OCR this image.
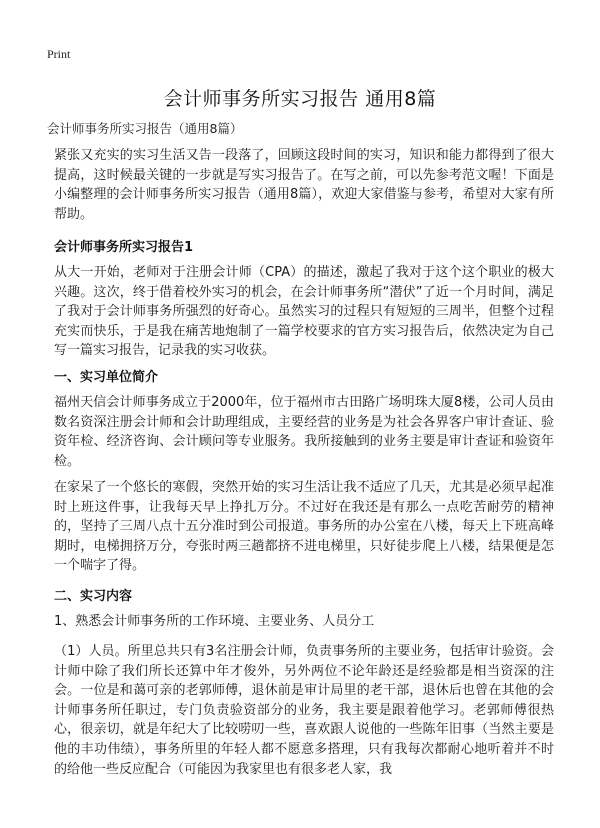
Print
会计师事务所实习报告 通用8篇
会计师事务所实习报告（通用8篇）

紧张又充实的实习生活又告一段落了，回顾这段时间的实习，知识和能力都得到了很大提高，这时候最关键的一步就是写实习报告了。在写之前，可以先参考范文喔！下面是小编整理的会计师事务所实习报告（通用8篇），欢迎大家借鉴与参考，希望对大家有所帮助。

会计师事务所实习报告1

从大一开始，老师对于注册会计师（CPA）的描述，激起了我对于这个这个职业的极大兴趣。这次，终于借着校外实习的机会，在会计师事务所“潜伏”了近一个月时间，满足了我对于会计师事务所强烈的好奇心。虽然实习的过程只有短短的三周半，但整个过程充实而快乐，于是我在痛苦地炮制了一篇学校要求的官方实习报告后，依然决定为自己写一篇实习报告，记录我的实习收获。

一、实习单位简介

福州天信会计师事务成立于2000年，位于福州市古田路广场明珠大厦8楼，公司人员由数名资深注册会计师和会计助理组成，主要经营的业务是为社会各界客户审计查证、验资年检、经济咨询、会计顾问等专业服务。我所接触到的业务主要是审计查证和验资年检。

在家呆了一个悠长的寒假，突然开始的实习生活让我不适应了几天，尤其是必须早起准时上班这件事，让我每天早上挣扎万分。不过好在我还是有那么一点吃苦耐劳的精神的，坚持了三周八点十五分准时到公司报道。事务所的办公室在八楼，每天上下班高峰期时，电梯拥挤万分，夸张时两三趟都挤不进电梯里，只好徒步爬上八楼，结果便是怎一个喘字了得。

二、实习内容
1、熟悉会计师事务所的工作环境、主要业务、人员分工

（1）人员。所里总共只有3名注册会计师，负责事务所的主要业务，包括审计验资。会计师中除了我们所长还算中年才俊外，另外两位不论年龄还是经验都是相当资深的注会。一位是和蔼可亲的老郭师傅，退休前是审计局里的老干部，退休后也曾在其他的会计师事务所任职过，专门负责验资部分的业务，我主要是跟着他学习。老郭师傅很热心，很亲切，就是年纪大了比较唠叨一些，喜欢跟人说他的一些陈年旧事（当然主要是他的丰功伟绩），事务所里的年轻人都不愿意多搭理，只有我每次都耐心地听着并不时的给他一些反应配合（可能因为我家里也有很多老人家，我
